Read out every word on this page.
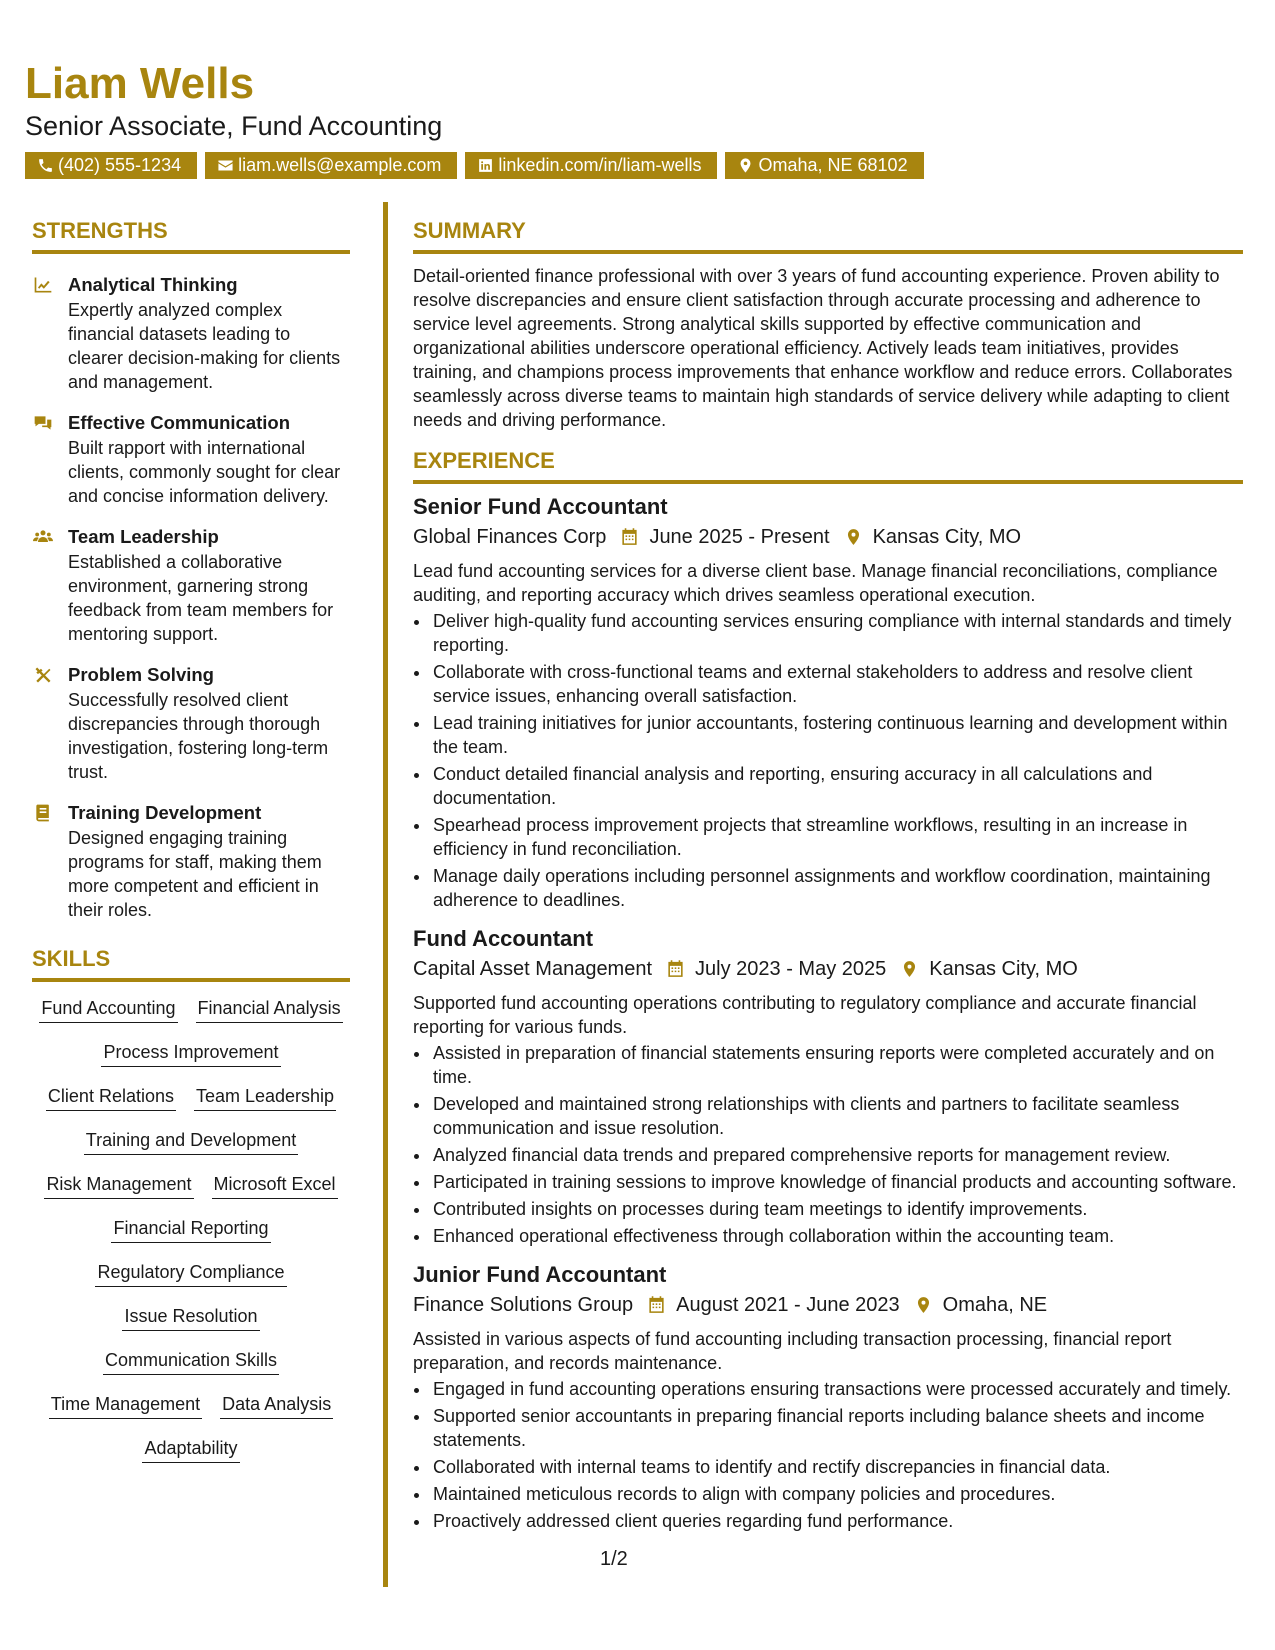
Liam Wells
Senior Associate, Fund Accounting
(402) 555-1234	liam.wells@example.com	linkedin.com/in/liam-wells	Omaha, NE 68102
STRENGTHS
Analytical Thinking
Expertly analyzed complex financial datasets leading to clearer decision-making for clients and management.
Effective Communication
Built rapport with international clients, commonly sought for clear and concise information delivery.
Team Leadership
Established a collaborative environment, garnering strong feedback from team members for mentoring support.
Problem Solving
Successfully resolved client discrepancies through thorough investigation, fostering long-term trust.
Training Development
Designed engaging training programs for staff, making them more competent and efficient in their roles.
SKILLS
Fund Accounting Financial Analysis
Process Improvement
Client Relations Team Leadership
Training and Development
Risk Management Microsoft Excel
Financial Reporting
Regulatory Compliance
Issue Resolution
Communication Skills
Time Management Data Analysis
Adaptability
SUMMARY

Detail-oriented finance professional with over 3 years of fund accounting experience. Proven ability to resolve discrepancies and ensure client satisfaction through accurate processing and adherence to service level agreements. Strong analytical skills supported by effective communication and organizational abilities underscore operational efficiency. Actively leads team initiatives, provides training, and champions process improvements that enhance workflow and reduce errors. Collaborates seamlessly across diverse teams to maintain high standards of service delivery while adapting to client needs and driving performance.

EXPERIENCE
Senior Fund Accountant
Global Finances Corp June 2025 - Present Kansas City, MO

Lead fund accounting services for a diverse client base. Manage financial reconciliations, compliance auditing, and reporting accuracy which drives seamless operational execution.

• Deliver high-quality fund accounting services ensuring compliance with internal standards and timely reporting.
• Collaborate with cross-functional teams and external stakeholders to address and resolve client service issues, enhancing overall satisfaction.
• Lead training initiatives for junior accountants, fostering continuous learning and development within the team.
• Conduct detailed financial analysis and reporting, ensuring accuracy in all calculations and documentation.
• Spearhead process improvement projects that streamline workflows, resulting in an increase in efficiency in fund reconciliation.
• Manage daily operations including personnel assignments and workflow coordination, maintaining adherence to deadlines.
Fund Accountant
Capital Asset Management July 2023 - May 2025 Kansas City, MO

Supported fund accounting operations contributing to regulatory compliance and accurate financial reporting for various funds.

• Assisted in preparation of financial statements ensuring reports were completed accurately and on time.
• Developed and maintained strong relationships with clients and partners to facilitate seamless communication and issue resolution.
• Analyzed financial data trends and prepared comprehensive reports for management review.
• Participated in training sessions to improve knowledge of financial products and accounting software.
• Contributed insights on processes during team meetings to identify improvements.
• Enhanced operational effectiveness through collaboration within the accounting team.
Junior Fund Accountant
Finance Solutions Group August 2021 - June 2023 Omaha, NE

Assisted in various aspects of fund accounting including transaction processing, financial report preparation, and records maintenance.

• Engaged in fund accounting operations ensuring transactions were processed accurately and timely.
• Supported senior accountants in preparing financial reports including balance sheets and income statements.
• Collaborated with internal teams to identify and rectify discrepancies in financial data.
• Maintained meticulous records to align with company policies and procedures.
• Proactively addressed client queries regarding fund performance.
1/2
